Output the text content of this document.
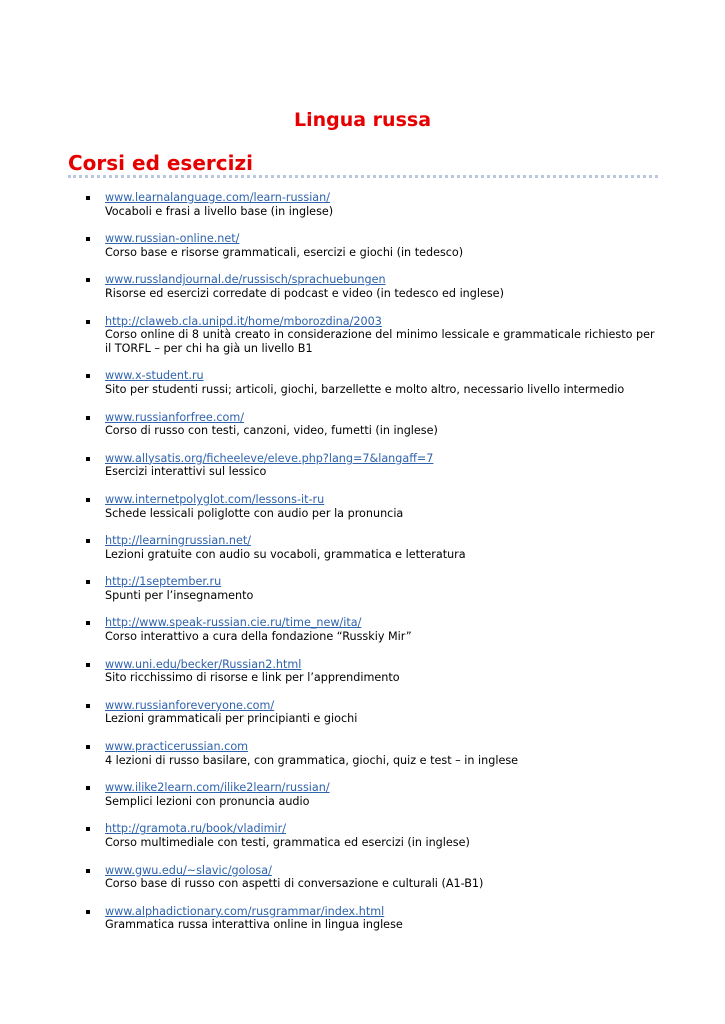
Lingua russa
Corsi ed esercizi
www.learnalanguage.com/learn-russian/
Vocaboli e frasi a livello base (in inglese)
www.russian-online.net/
Corso base e risorse grammaticali, esercizi e giochi (in tedesco)
www.russlandjournal.de/russisch/sprachuebungen
Risorse ed esercizi corredate di podcast e video (in tedesco ed inglese)
http://claweb.cla.unipd.it/home/mborozdina/2003
Corso online di 8 unità creato in considerazione del minimo lessicale e grammaticale richiesto per il TORFL – per chi ha già un livello B1
www.x-student.ru
Sito per studenti russi; articoli, giochi, barzellette e molto altro, necessario livello intermedio
www.russianforfree.com/
Corso di russo con testi, canzoni, video, fumetti (in inglese)
www.allysatis.org/ficheeleve/eleve.php?lang=7&langaff=7
Esercizi interattivi sul lessico
www.internetpolyglot.com/lessons-it-ru
Schede lessicali poliglotte con audio per la pronuncia
http://learningrussian.net/
Lezioni gratuite con audio su vocaboli, grammatica e letteratura
http://1september.ru
Spunti per l’insegnamento
http://www.speak-russian.cie.ru/time_new/ita/
Corso interattivo a cura della fondazione “Russkiy Mir”
www.uni.edu/becker/Russian2.html
Sito ricchissimo di risorse e link per l’apprendimento
www.russianforeveryone.com/
Lezioni grammaticali per principianti e giochi
www.practicerussian.com
4 lezioni di russo basilare, con grammatica, giochi, quiz e test – in inglese
www.ilike2learn.com/ilike2learn/russian/
Semplici lezioni con pronuncia audio
http://gramota.ru/book/vladimir/
Corso multimediale con testi, grammatica ed esercizi (in inglese)
www.gwu.edu/~slavic/golosa/
Corso base di russo con aspetti di conversazione e culturali (A1-B1)
www.alphadictionary.com/rusgrammar/index.html
Grammatica russa interattiva online in lingua inglese
